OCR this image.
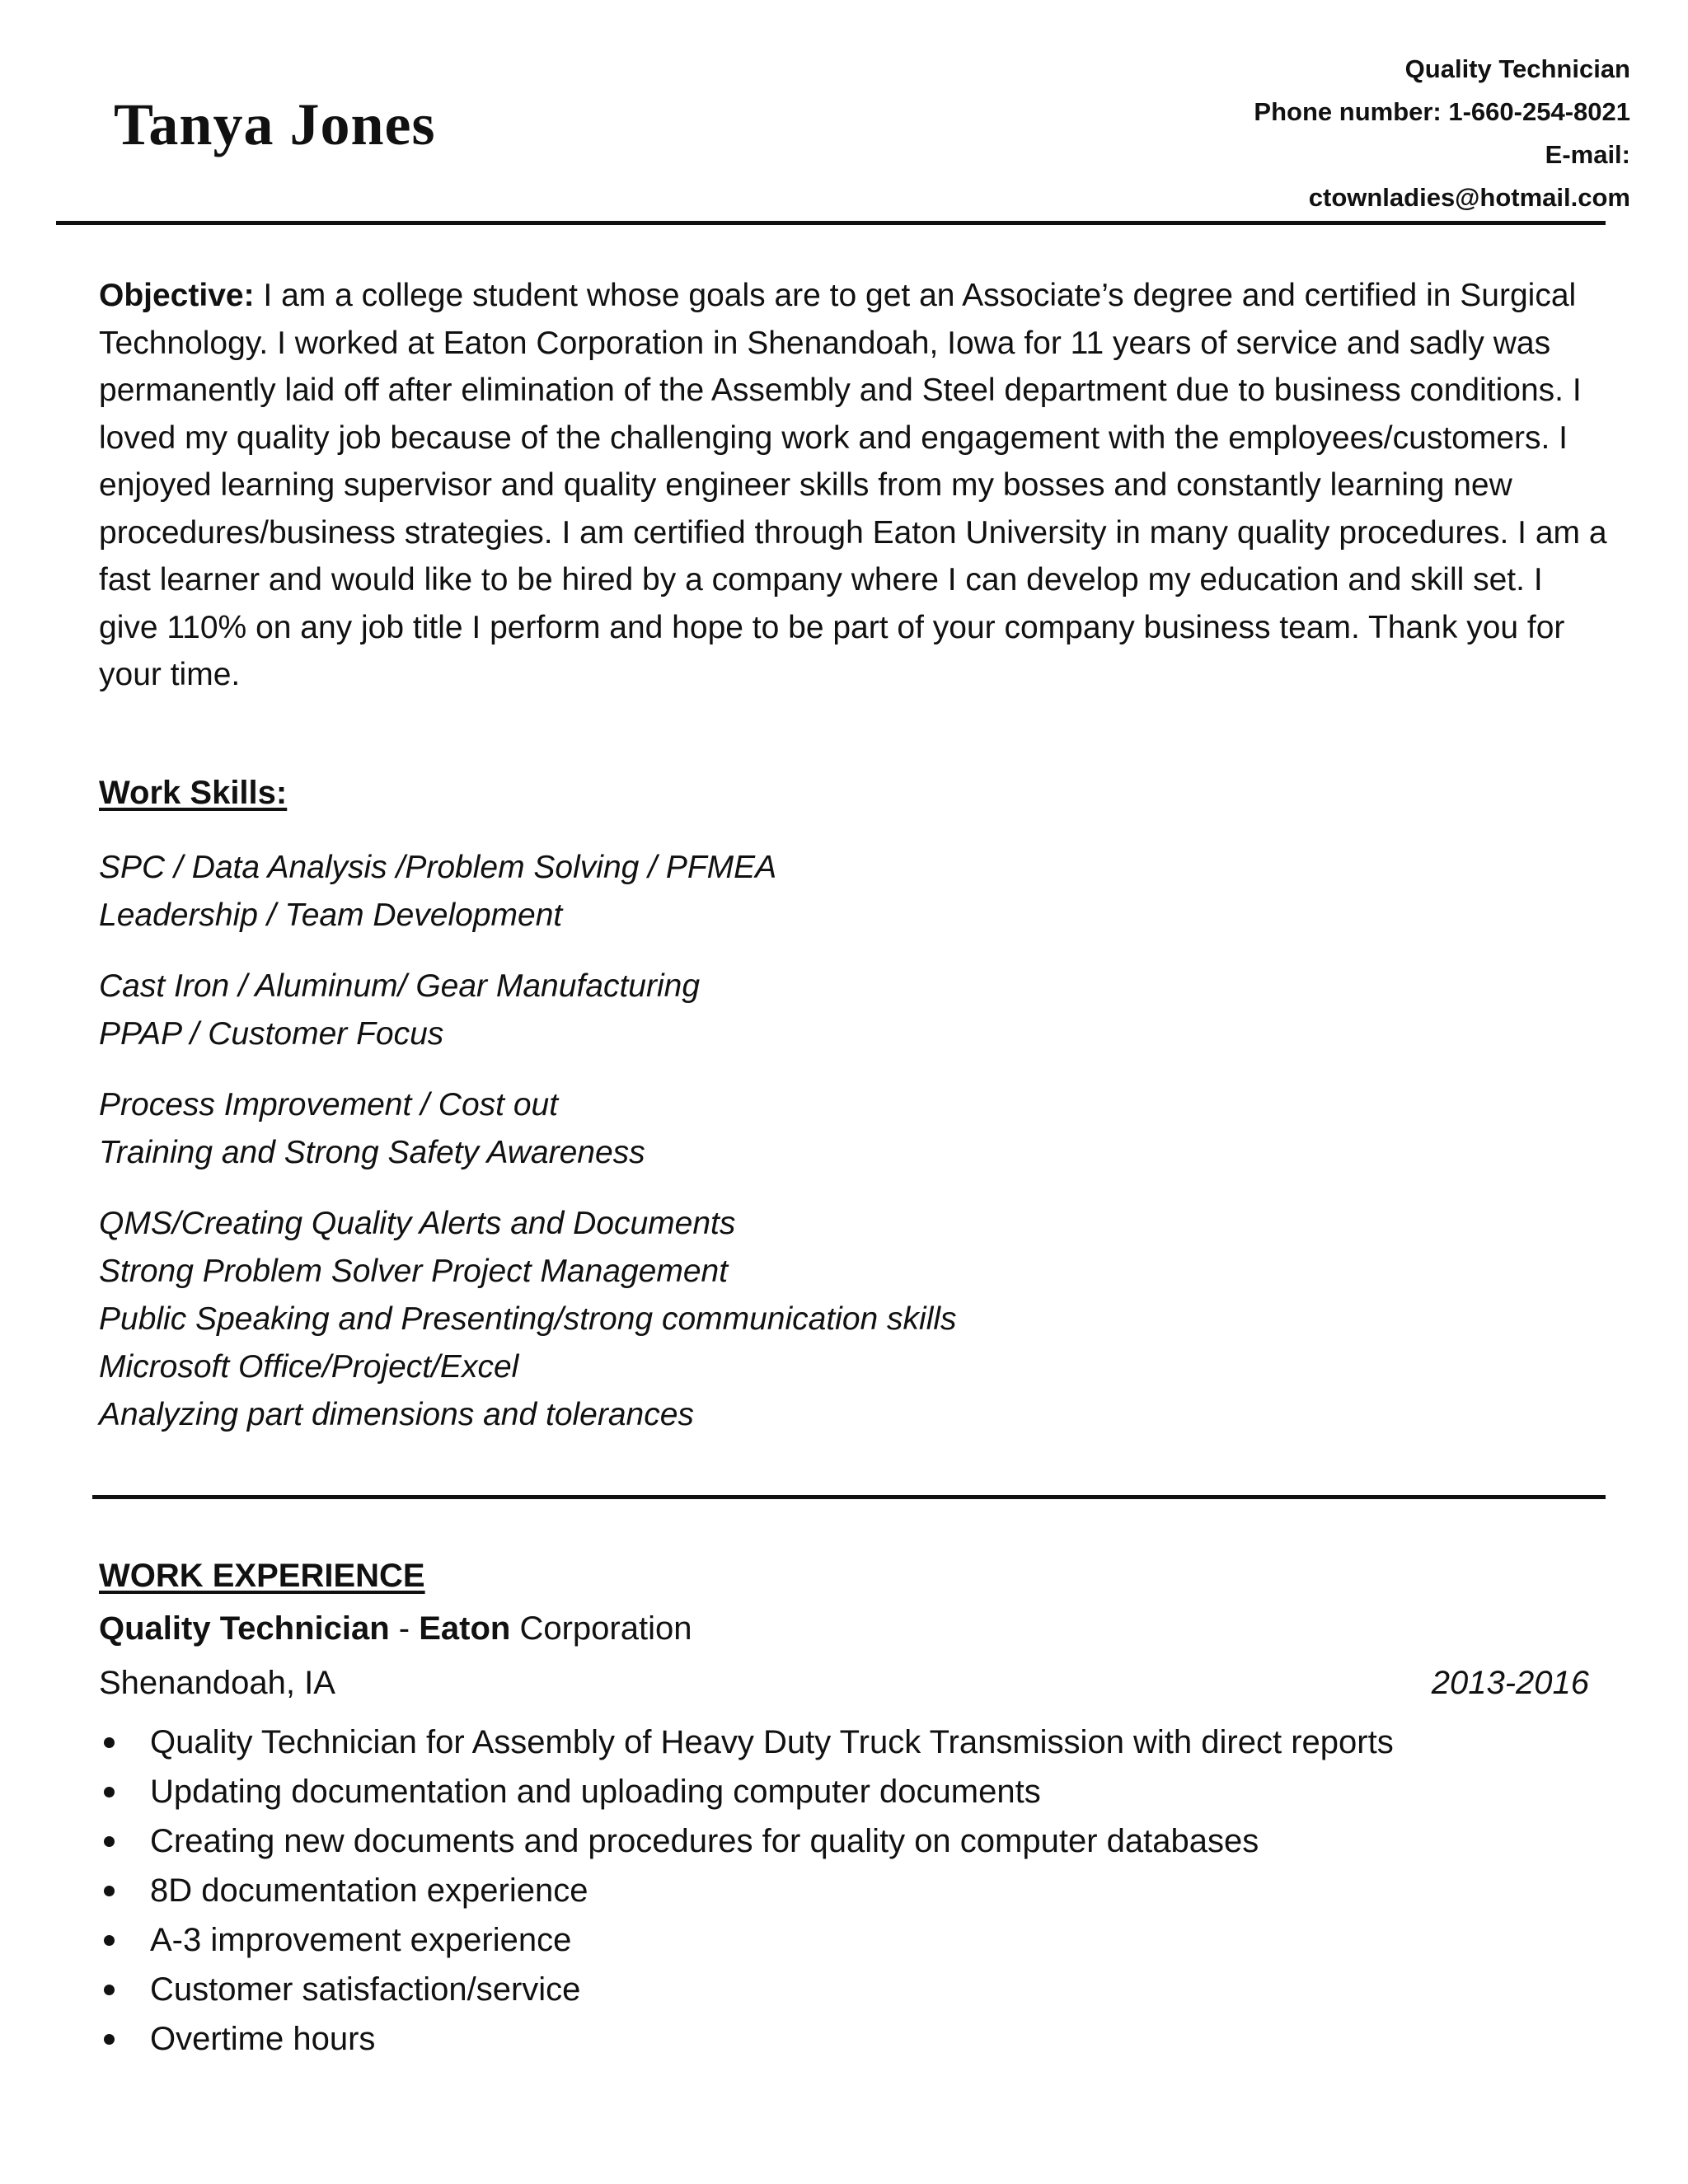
Tanya Jones
Quality Technician
Phone number: 1-660-254-8021
E-mail:
ctownladies@hotmail.com

Objective: I am a college student whose goals are to get an Associate’s degree and certified in Surgical Technology. I worked at Eaton Corporation in Shenandoah, Iowa for 11 years of service and sadly was permanently laid off after elimination of the Assembly and Steel department due to business conditions. I loved my quality job because of the challenging work and engagement with the employees/customers. I enjoyed learning supervisor and quality engineer skills from my bosses and constantly learning new procedures/business strategies. I am certified through Eaton University in many quality procedures. I am a fast learner and would like to be hired by a company where I can develop my education and skill set. I give 110% on any job title I perform and hope to be part of your company business team. Thank you for your time.

Work Skills:
SPC / Data Analysis /Problem Solving / PFMEA
Leadership / Team Development
Cast Iron / Aluminum/ Gear Manufacturing
PPAP / Customer Focus
Process Improvement / Cost out
Training and Strong Safety Awareness
QMS/Creating Quality Alerts and Documents
Strong Problem Solver Project Management
Public Speaking and Presenting/strong communication skills
Microsoft Office/Project/Excel
Analyzing part dimensions and tolerances
WORK EXPERIENCE
Quality Technician - Eaton Corporation
Shenandoah, IA	2013-2016
Quality Technician for Assembly of Heavy Duty Truck Transmission with direct reports
Updating documentation and uploading computer documents
Creating new documents and procedures for quality on computer databases
8D documentation experience
A-3 improvement experience
Customer satisfaction/service
Overtime hours
